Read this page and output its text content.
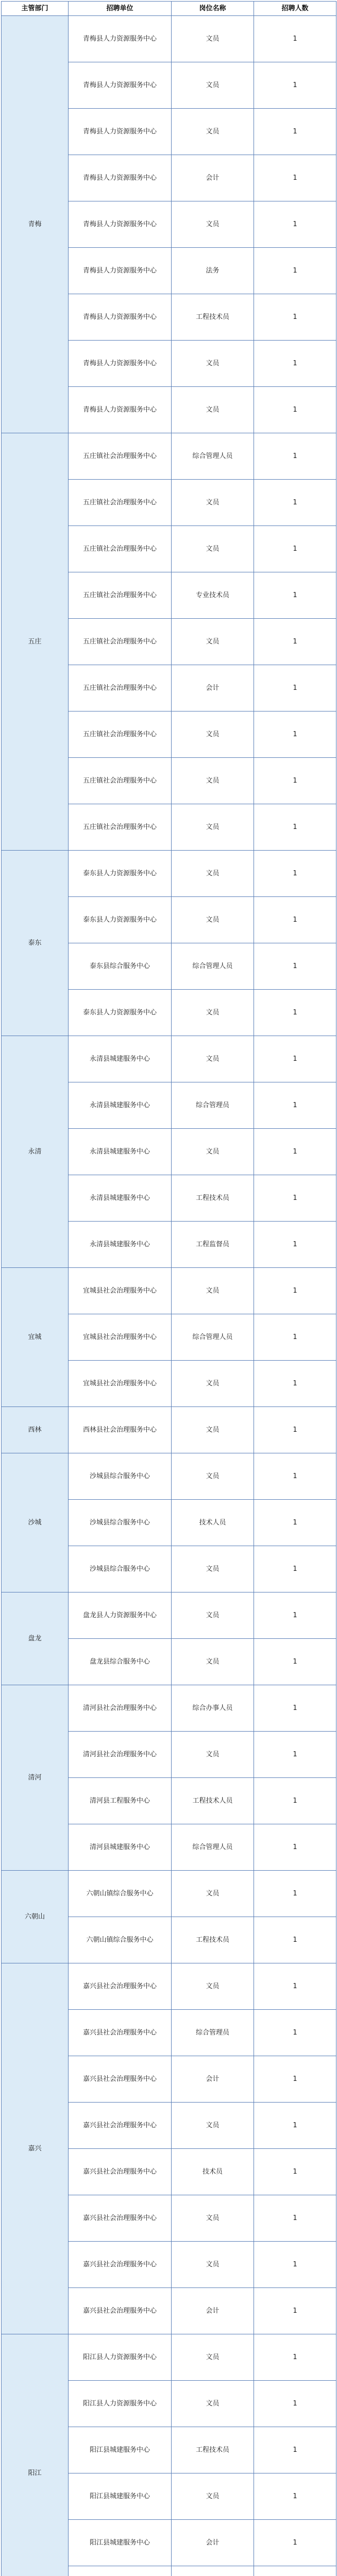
主管部门	招聘单位	岗位名称	招聘人数
青梅	青梅县人力资源服务中心	文员	1
	青梅县人力资源服务中心	文员	1
	青梅县人力资源服务中心	文员	1
	青梅县人力资源服务中心	会计	1
	青梅县人力资源服务中心	文员	1
	青梅县人力资源服务中心	法务	1
	青梅县人力资源服务中心	工程技术员	1
	青梅县人力资源服务中心	文员	1
	青梅县人力资源服务中心	文员	1
五庄	五庄镇社会治理服务中心	综合管理人员	1
	五庄镇社会治理服务中心	文员	1
	五庄镇社会治理服务中心	文员	1
	五庄镇社会治理服务中心	专业技术员	1
	五庄镇社会治理服务中心	文员	1
	五庄镇社会治理服务中心	会计	1
	五庄镇社会治理服务中心	文员	1
	五庄镇社会治理服务中心	文员	1
	五庄镇社会治理服务中心	文员	1
泰东	泰东县人力资源服务中心	文员	1
	泰东县人力资源服务中心	文员	1
	泰东县综合服务中心	综合管理人员	1
	泰东县人力资源服务中心	文员	1
永清	永清县城建服务中心	文员	1
	永清县城建服务中心	综合管理员	1
	永清县城建服务中心	文员	1
	永清县城建服务中心	工程技术员	1
	永清县城建服务中心	工程监督员	1
宜城	宜城县社会治理服务中心	文员	1
	宜城县社会治理服务中心	综合管理人员	1
	宜城县社会治理服务中心	文员	1
西林	西林县社会治理服务中心	文员	1
沙城	沙城县综合服务中心	文员	1
	沙城县综合服务中心	技术人员	1
	沙城县综合服务中心	文员	1
盘龙	盘龙县人力资源服务中心	文员	1
	盘龙县综合服务中心	文员	1
清河	清河县社会治理服务中心	综合办事人员	1
	清河县社会治理服务中心	文员	1
	清河县工程服务中心	工程技术人员	1
	清河县城建服务中心	综合管理人员	1
六朝山	六朝山镇综合服务中心	文员	1
	六朝山镇综合服务中心	工程技术员	1
嘉兴	嘉兴县社会治理服务中心	文员	1
	嘉兴县社会治理服务中心	综合管理员	1
	嘉兴县社会治理服务中心	会计	1
	嘉兴县社会治理服务中心	文员	1
	嘉兴县社会治理服务中心	技术员	1
	嘉兴县社会治理服务中心	文员	1
	嘉兴县社会治理服务中心	文员	1
	嘉兴县社会治理服务中心	会计	1
阳江	阳江县人力资源服务中心	文员	1
	阳江县人力资源服务中心	文员	1
	阳江县城建服务中心	工程技术员	1
	阳江县城建服务中心	文员	1
	阳江县城建服务中心	会计	1
